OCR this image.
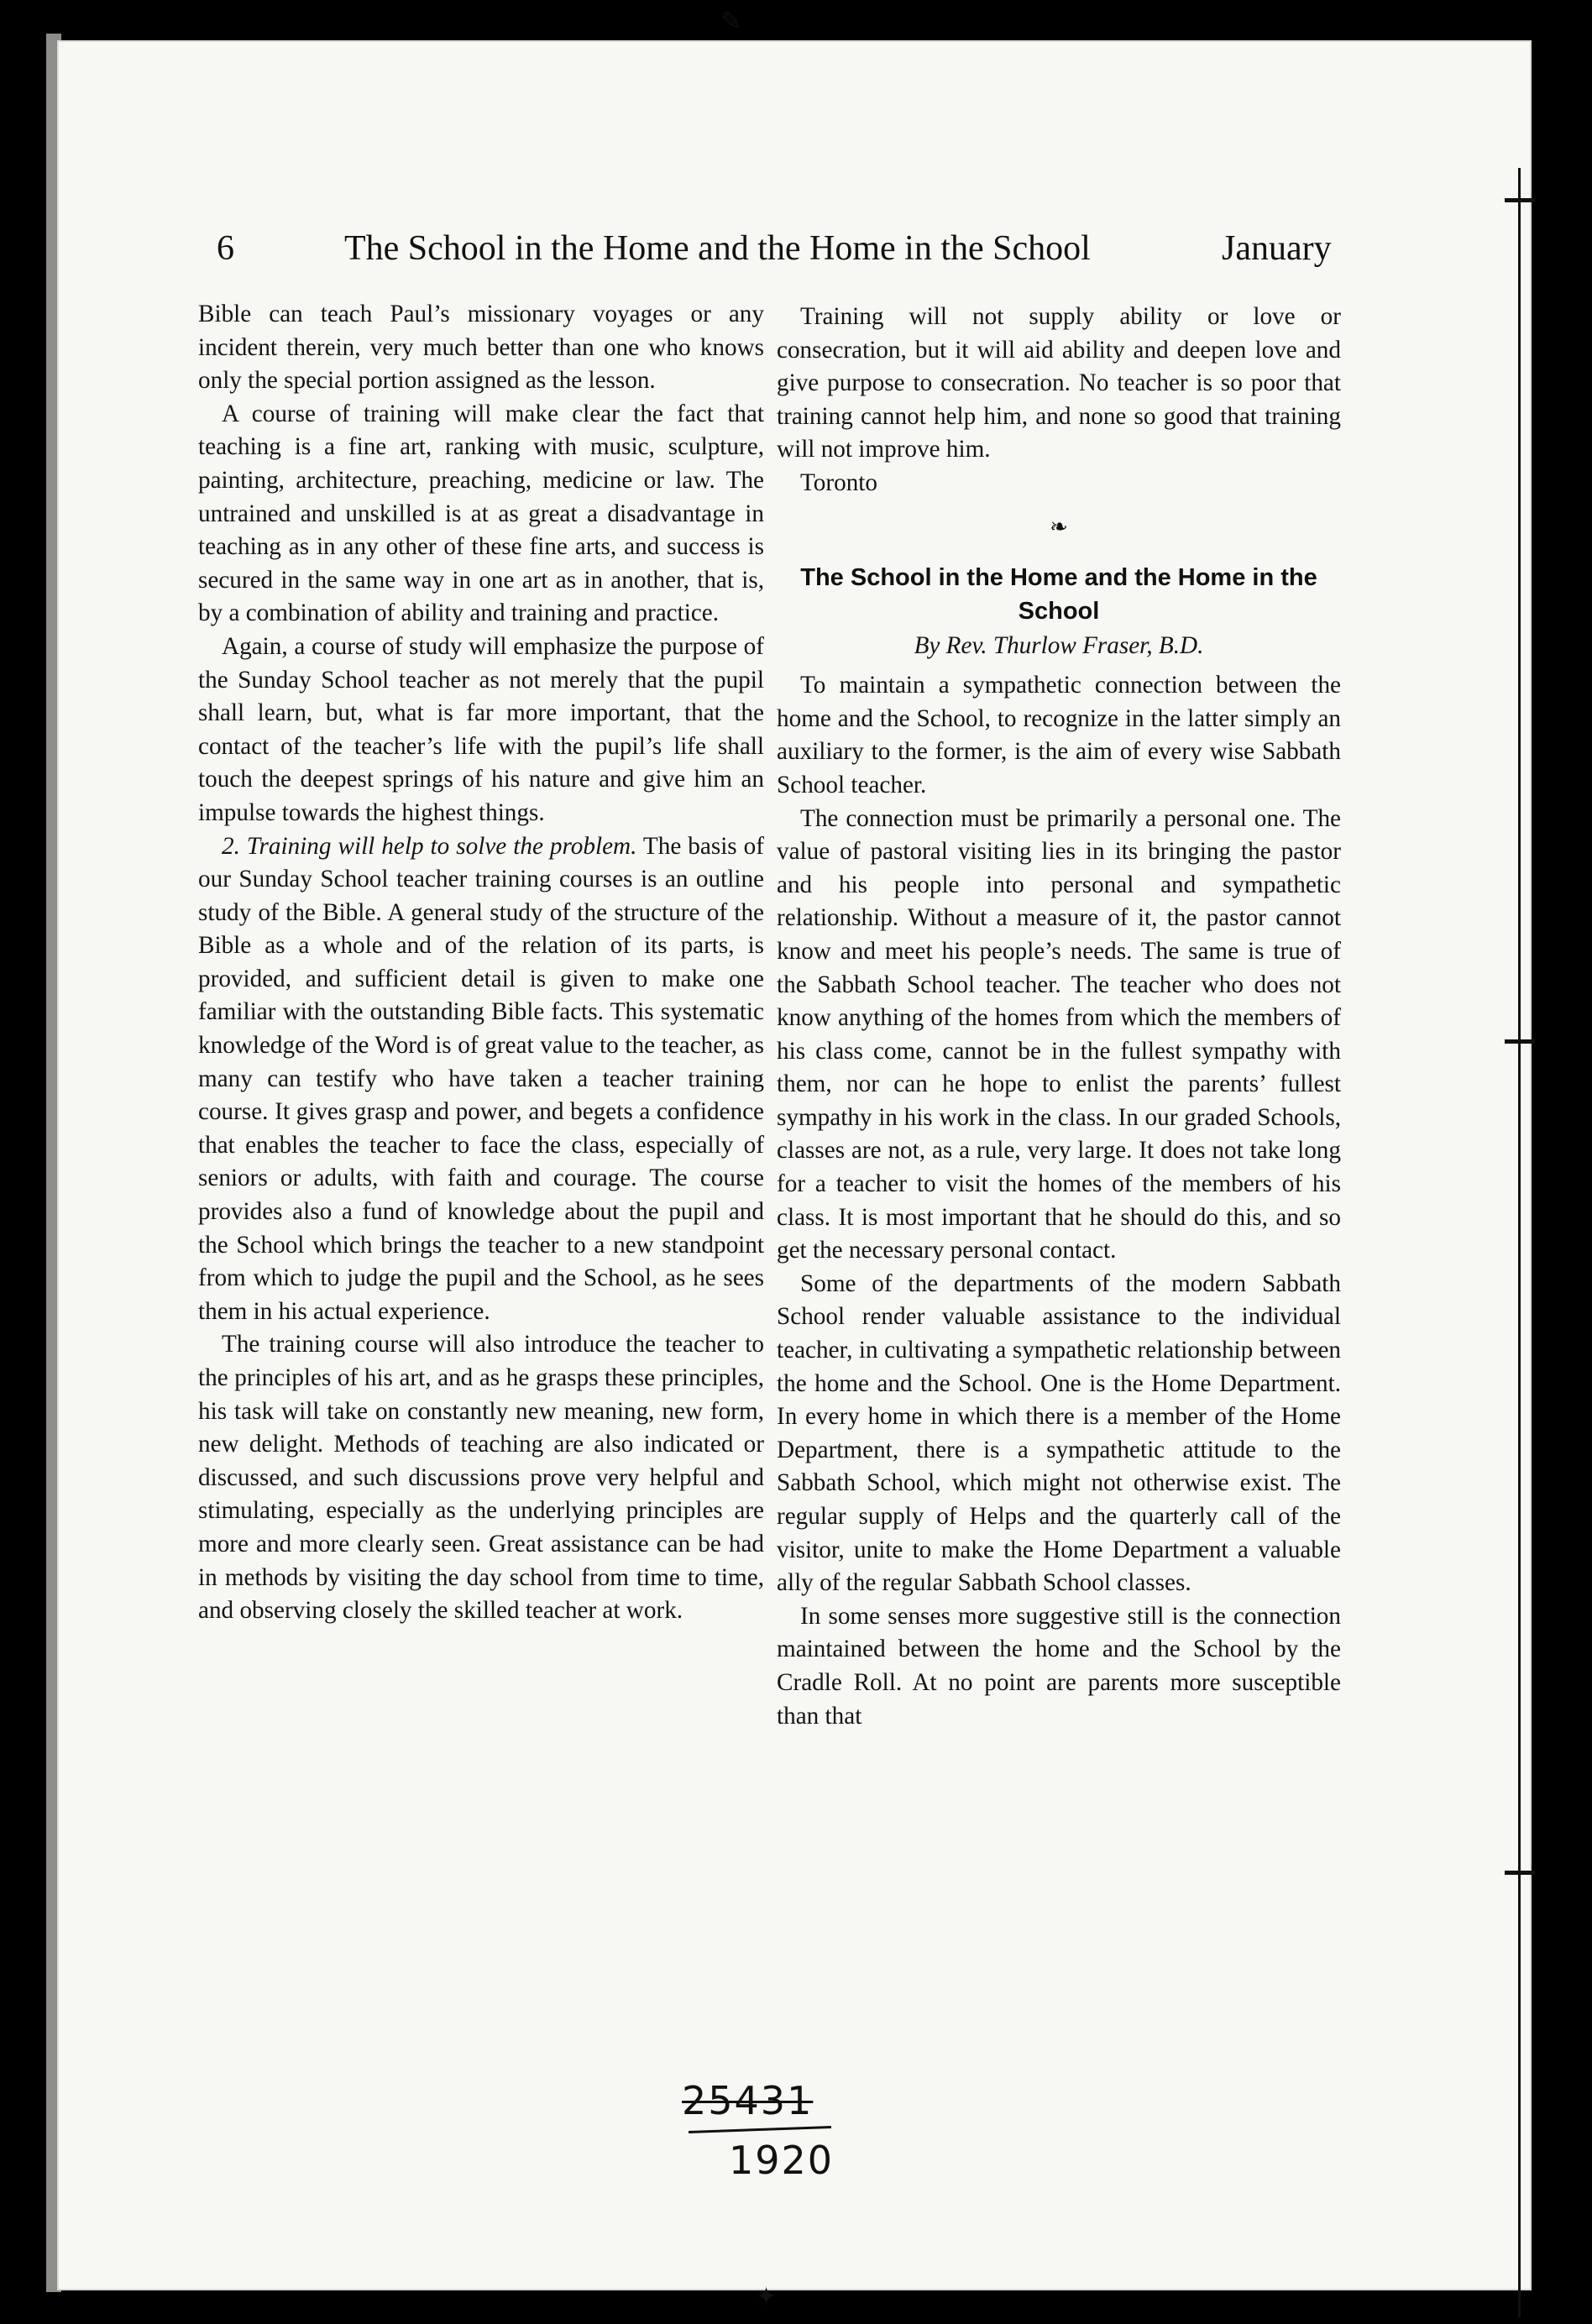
6	The School in the Home and the Home in the School	January

Bible can teach Paul’s missionary voyages or any incident therein, very much better than one who knows only the special portion assigned as the lesson.

A course of training will make clear the fact that teaching is a fine art, ranking with music, sculpture, painting, architecture, preaching, medicine or law. The untrained and unskilled is at as great a disadvantage in teaching as in any other of these fine arts, and success is secured in the same way in one art as in another, that is, by a combination of ability and training and practice.

Again, a course of study will emphasize the purpose of the Sunday School teacher as not merely that the pupil shall learn, but, what is far more important, that the contact of the teacher’s life with the pupil’s life shall touch the deepest springs of his nature and give him an impulse towards the highest things.

2. Training will help to solve the problem. The basis of our Sunday School teacher training courses is an outline study of the Bible. A general study of the structure of the Bible as a whole and of the relation of its parts, is provided, and sufficient detail is given to make one familiar with the outstanding Bible facts. This systematic knowledge of the Word is of great value to the teacher, as many can testify who have taken a teacher training course. It gives grasp and power, and begets a confidence that enables the teacher to face the class, especially of seniors or adults, with faith and courage. The course provides also a fund of knowledge about the pupil and the School which brings the teacher to a new standpoint from which to judge the pupil and the School, as he sees them in his actual experience.

The training course will also introduce the teacher to the principles of his art, and as he grasps these principles, his task will take on constantly new meaning, new form, new delight. Methods of teaching are also indicated or discussed, and such discussions prove very helpful and stimulating, especially as the underlying principles are more and more clearly seen. Great assistance can be had in methods by visiting the day school from time to time, and observing closely the skilled teacher at work.

Training will not supply ability or love or consecration, but it will aid ability and deepen love and give purpose to consecration. No teacher is so poor that training cannot help him, and none so good that training will not improve him.

Toronto

❧
The School in the Home and the Home in the School
By Rev. Thurlow Fraser, B.D.

To maintain a sympathetic connection between the home and the School, to recognize in the latter simply an auxiliary to the former, is the aim of every wise Sabbath School teacher.

The connection must be primarily a personal one. The value of pastoral visiting lies in its bringing the pastor and his people into personal and sympathetic relationship. Without a measure of it, the pastor cannot know and meet his people’s needs. The same is true of the Sabbath School teacher. The teacher who does not know anything of the homes from which the members of his class come, cannot be in the fullest sympathy with them, nor can he hope to enlist the parents’ fullest sympathy in his work in the class. In our graded Schools, classes are not, as a rule, very large. It does not take long for a teacher to visit the homes of the members of his class. It is most important that he should do this, and so get the necessary personal contact.

Some of the departments of the modern Sabbath School render valuable assistance to the individual teacher, in cultivating a sympathetic relationship between the home and the School. One is the Home Department. In every home in which there is a member of the Home Department, there is a sympathetic attitude to the Sabbath School, which might not otherwise exist. The regular supply of Helps and the quarterly call of the visitor, unite to make the Home Department a valuable ally of the regular Sabbath School classes.

In some senses more suggestive still is the connection maintained between the home and the School by the Cradle Roll. At no point are parents more susceptible than that

25431
1920
✎
✦
